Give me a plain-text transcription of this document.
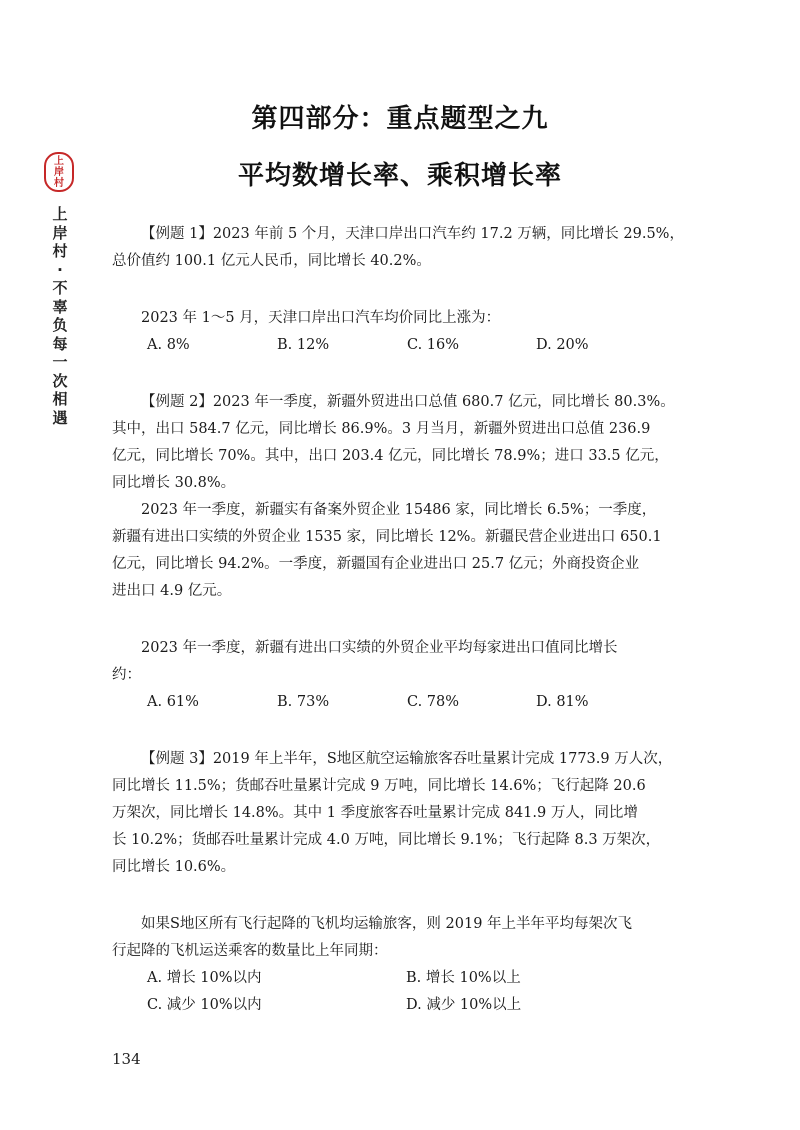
第四部分：重点题型之九
平均数增长率、乘积增长率
上
岸
村
上
岸
村
·
不
辜
负
每
一
次
相
遇

【例题 1】2023 年前 5 个月，天津口岸出口汽车约 17.2 万辆，同比增长 29.5%，

总价值约 100.1 亿元人民币，同比增长 40.2%。

2023 年 1～5 月，天津口岸出口汽车均价同比上涨为：

A. 8%	B. 12%	C. 16%	D. 20%

【例题 2】2023 年一季度，新疆外贸进出口总值 680.7 亿元，同比增长 80.3%。

其中，出口 584.7 亿元，同比增长 86.9%。3 月当月，新疆外贸进出口总值 236.9

亿元，同比增长 70%。其中，出口 203.4 亿元，同比增长 78.9%；进口 33.5 亿元，

同比增长 30.8%。

2023 年一季度，新疆实有备案外贸企业 15486 家，同比增长 6.5%；一季度，

新疆有进出口实绩的外贸企业 1535 家，同比增长 12%。新疆民营企业进出口 650.1

亿元，同比增长 94.2%。一季度，新疆国有企业进出口 25.7 亿元；外商投资企业

进出口 4.9 亿元。

2023 年一季度，新疆有进出口实绩的外贸企业平均每家进出口值同比增长

约：

A. 61%	B. 73%	C. 78%	D. 81%

【例题 3】2019 年上半年，S地区航空运输旅客吞吐量累计完成 1773.9 万人次，

同比增长 11.5%；货邮吞吐量累计完成 9 万吨，同比增长 14.6%；飞行起降 20.6

万架次，同比增长 14.8%。其中 1 季度旅客吞吐量累计完成 841.9 万人，同比增

长 10.2%；货邮吞吐量累计完成 4.0 万吨，同比增长 9.1%；飞行起降 8.3 万架次，

同比增长 10.6%。

如果S地区所有飞行起降的飞机均运输旅客，则 2019 年上半年平均每架次飞

行起降的飞机运送乘客的数量比上年同期：

A. 增长 10%以内	B. 增长 10%以上
C. 减少 10%以内	D. 减少 10%以上
134
